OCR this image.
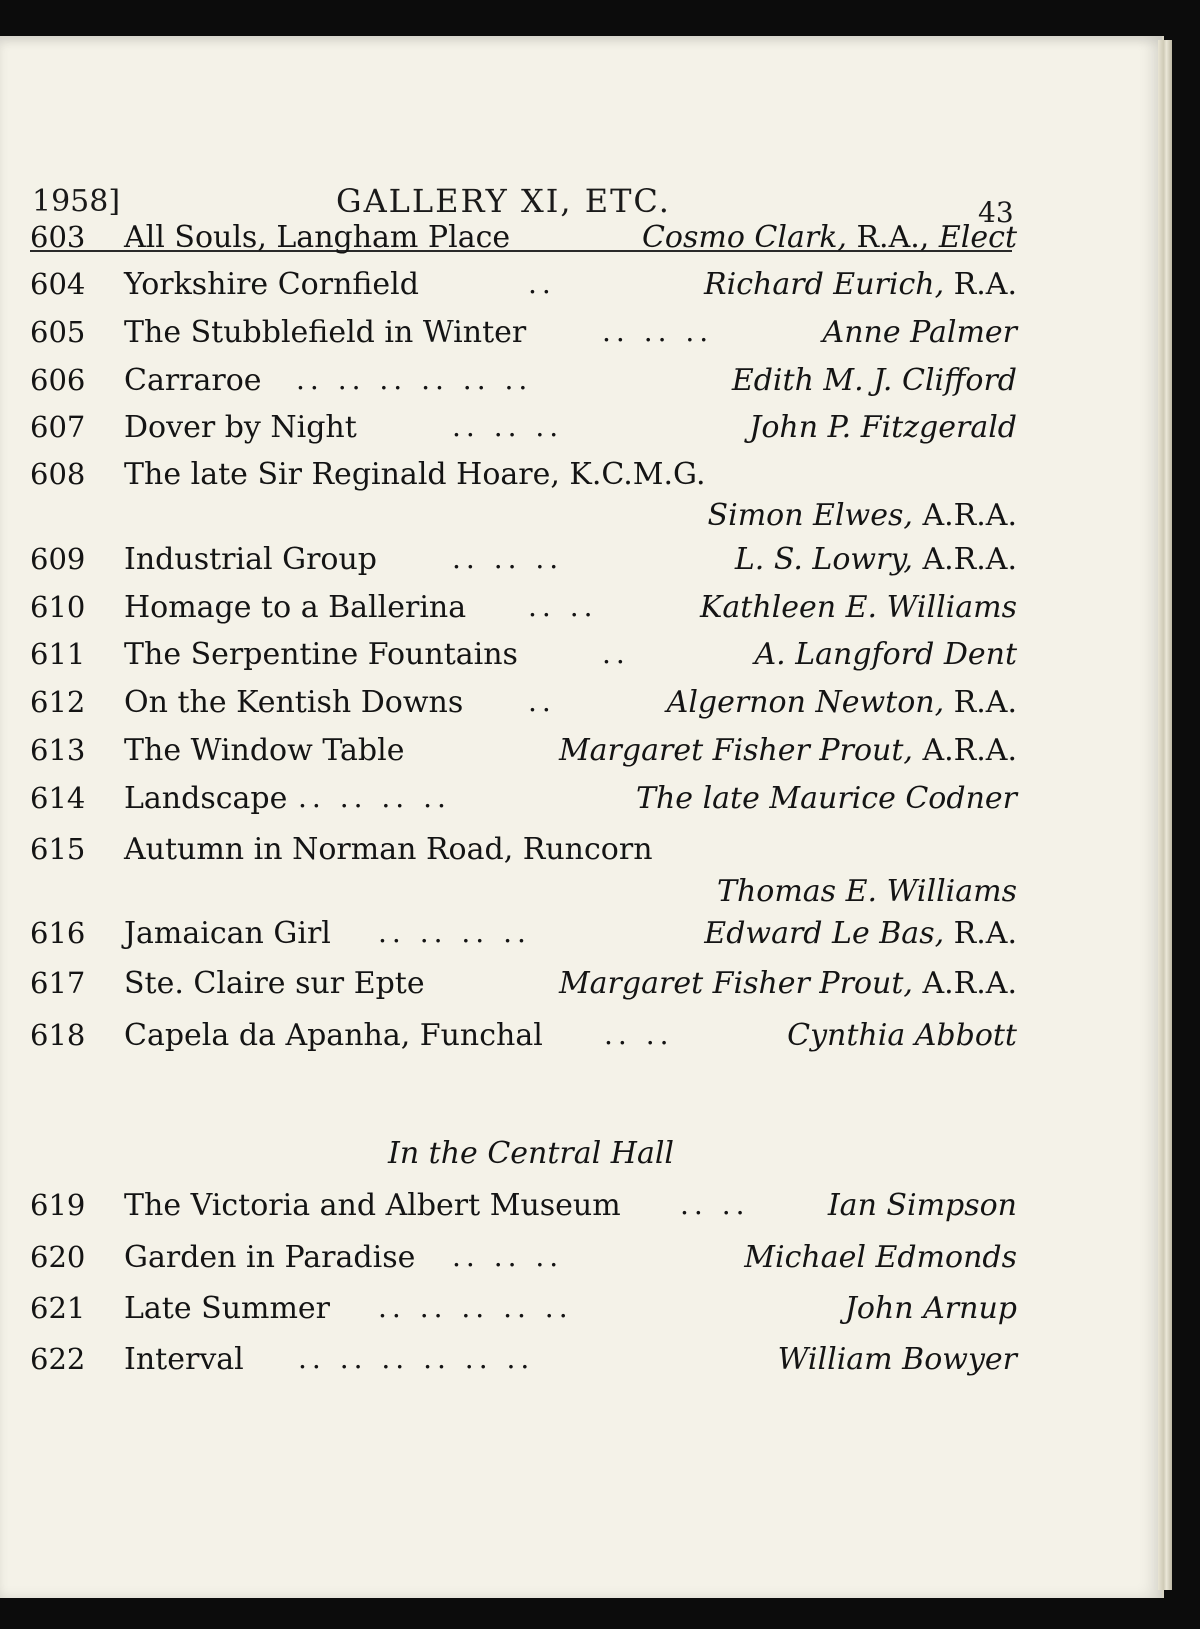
1958]	GALLERY XI, ETC.	43
603 All Souls, Langham Place	Cosmo Clark, R.A., Elect
604 Yorkshire Cornfield	..	Richard Eurich, R.A.
605 The Stubblefield in Winter	.. .. ..	Anne Palmer
606 Carraroe .. .. .. .. .. ..	Edith M. J. Clifford
607 Dover by Night	.. .. ..	John P. Fitzgerald
608 The late Sir Reginald Hoare, K.C.M.G.
Simon Elwes, A.R.A.
609 Industrial Group	.. .. ..	L. S. Lowry, A.R.A.
610 Homage to a Ballerina .. ..	Kathleen E. Williams
611 The Serpentine Fountains	..	A. Langford Dent
612 On the Kentish Downs ..	Algernon Newton, R.A.
613 The Window Table	Margaret Fisher Prout, A.R.A.
614 Landscape .. .. .. ..	The late Maurice Codner
615 Autumn in Norman Road, Runcorn
Thomas E. Williams
616 Jamaican Girl .. .. .. ..	Edward Le Bas, R.A.
617 Ste. Claire sur Epte	Margaret Fisher Prout, A.R.A.
618 Capela da Apanha, Funchal .. ..	Cynthia Abbott
In the Central Hall
619 The Victoria and Albert Museum .. ..	Ian Simpson
620 Garden in Paradise .. .. ..	Michael Edmonds
621 Late Summer .. .. .. .. ..	John Arnup
622 Interval .. .. .. .. .. ..	William Bowyer
